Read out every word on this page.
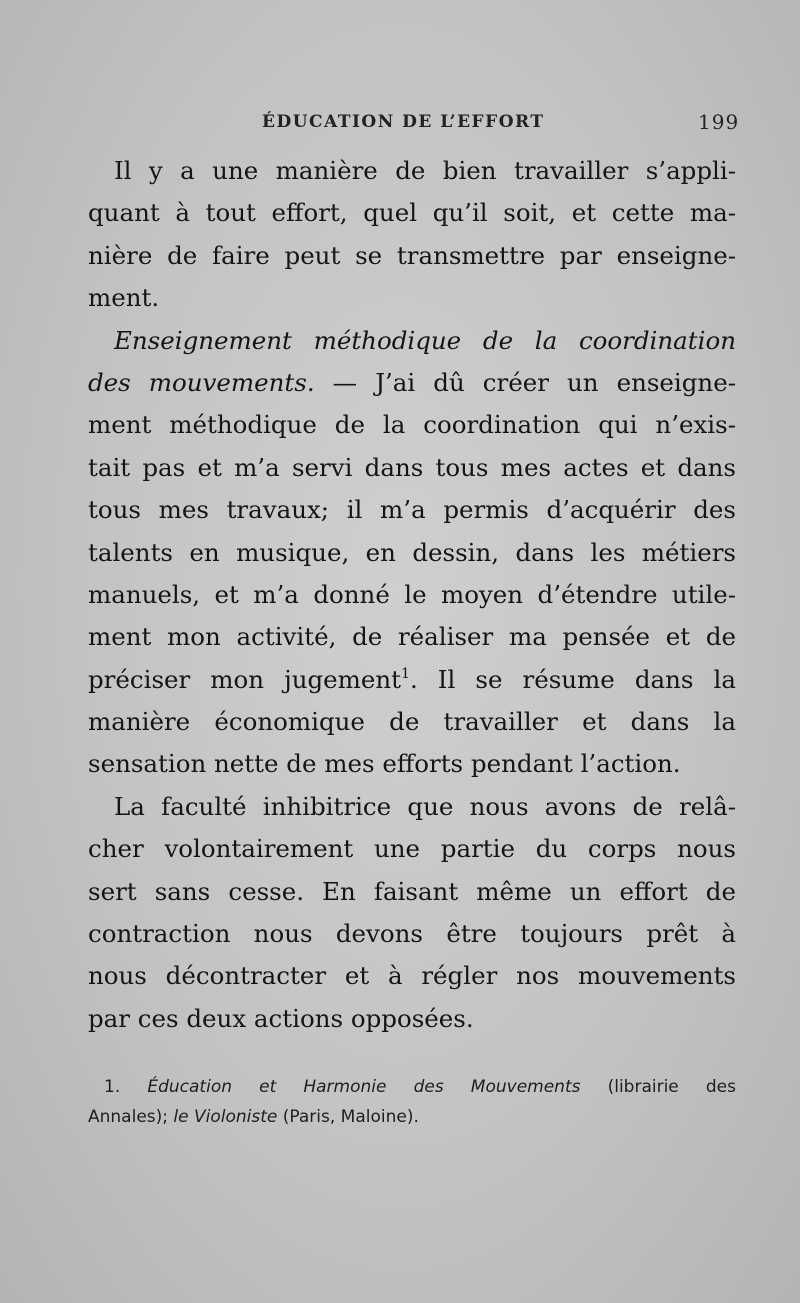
ÉDUCATION DE L’EFFORT	199
Il y a une manière de bien travailler s’appli-
quant à tout effort, quel qu’il soit, et cette ma-
nière de faire peut se transmettre par enseigne-
ment.
Enseignement méthodique de la coordination
des mouvements. — J’ai dû créer un enseigne-
ment méthodique de la coordination qui n’exis-
tait pas et m’a servi dans tous mes actes et dans
tous mes travaux; il m’a permis d’acquérir des
talents en musique, en dessin, dans les métiers
manuels, et m’a donné le moyen d’étendre utile-
ment mon activité, de réaliser ma pensée et de
préciser mon jugement$^1$. Il se résume dans la
manière économique de travailler et dans la
sensation nette de mes efforts pendant l’action.
La faculté inhibitrice que nous avons de relâ-
cher volontairement une partie du corps nous
sert sans cesse. En faisant même un effort de
contraction nous devons être toujours prêt à
nous décontracter et à régler nos mouvements
par ces deux actions opposées.
1. Éducation et Harmonie des Mouvements (librairie des
Annales); le Violoniste (Paris, Maloine).
